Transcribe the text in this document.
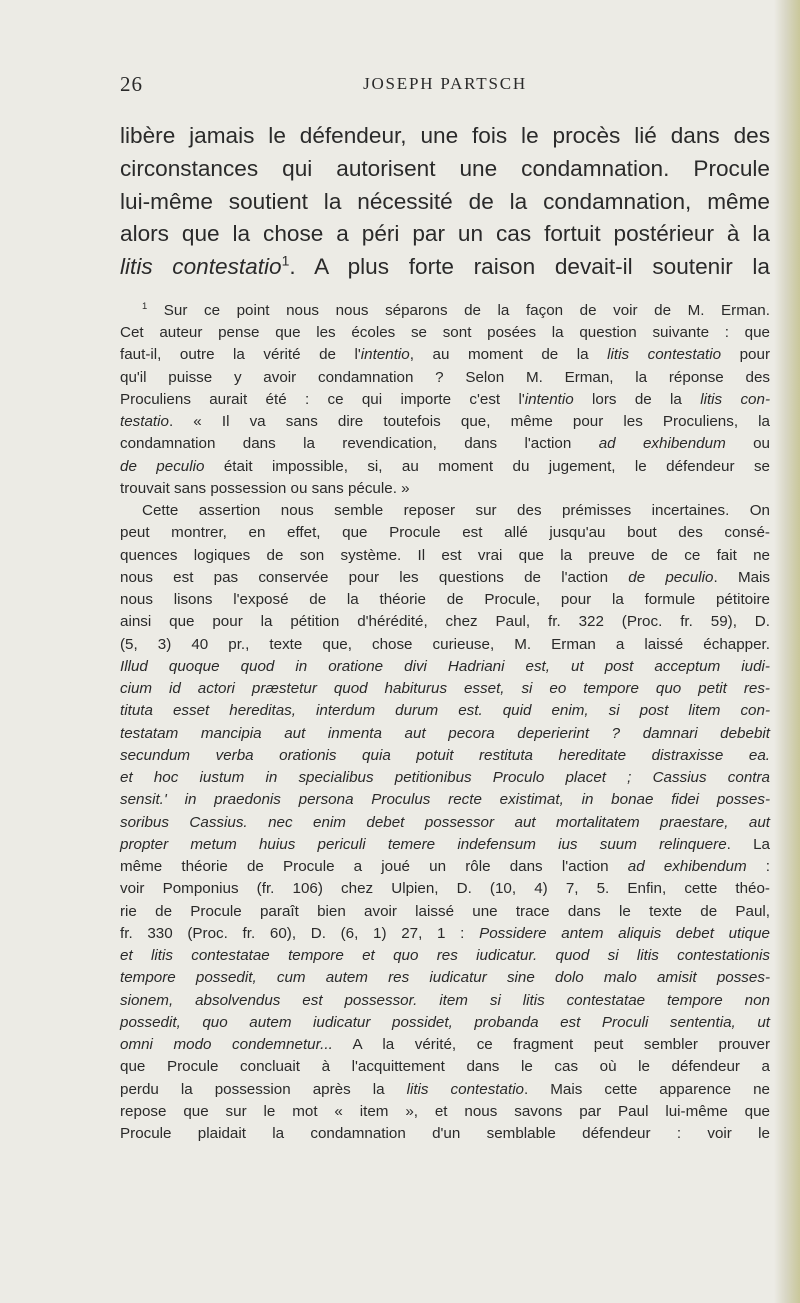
26	JOSEPH PARTSCH
libère jamais le défendeur, une fois le procès lié dans des
circonstances qui autorisent une condamnation. Procule
lui-même soutient la nécessité de la condamnation, même
alors que la chose a péri par un cas fortuit postérieur à la
litis contestatio$^1$. A plus forte raison devait-il soutenir la
$^1$ Sur ce point nous nous séparons de la façon de voir de M. Erman.
Cet auteur pense que les écoles se sont posées la question suivante : que
faut-il, outre la vérité de l'intentio, au moment de la litis contestatio pour
qu'il puisse y avoir condamnation ? Selon M. Erman, la réponse des
Proculiens aurait été : ce qui importe c'est l'intentio lors de la litis con-
testatio. « Il va sans dire toutefois que, même pour les Proculiens, la
condamnation dans la revendication, dans l'action ad exhibendum ou
de peculio était impossible, si, au moment du jugement, le défendeur se
trouvait sans possession ou sans pécule. »
Cette assertion nous semble reposer sur des prémisses incertaines. On
peut montrer, en effet, que Procule est allé jusqu'au bout des consé-
quences logiques de son système. Il est vrai que la preuve de ce fait ne
nous est pas conservée pour les questions de l'action de peculio. Mais
nous lisons l'exposé de la théorie de Procule, pour la formule pétitoire
ainsi que pour la pétition d'hérédité, chez Paul, fr. 322 (Proc. fr. 59), D.
(5, 3) 40 pr., texte que, chose curieuse, M. Erman a laissé échapper.
Illud quoque quod in oratione divi Hadriani est, ut post acceptum iudi-
cium id actori præstetur quod habiturus esset, si eo tempore quo petit res-
tituta esset hereditas, interdum durum est. quid enim, si post litem con-
testatam mancipia aut inmenta aut pecora deperierint ? damnari debebit
secundum verba orationis quia potuit restituta hereditate distraxisse ea.
et hoc iustum in specialibus petitionibus Proculo placet ; Cassius contra
sensit.' in praedonis persona Proculus recte existimat, in bonae fidei posses-
soribus Cassius. nec enim debet possessor aut mortalitatem praestare, aut
propter metum huius periculi temere indefensum ius suum relinquere. La
même théorie de Procule a joué un rôle dans l'action ad exhibendum :
voir Pomponius (fr. 106) chez Ulpien, D. (10, 4) 7, 5. Enfin, cette théo-
rie de Procule paraît bien avoir laissé une trace dans le texte de Paul,
fr. 330 (Proc. fr. 60), D. (6, 1) 27, 1 : Possidere antem aliquis debet utique
et litis contestatae tempore et quo res iudicatur. quod si litis contestationis
tempore possedit, cum autem res iudicatur sine dolo malo amisit posses-
sionem, absolvendus est possessor. item si litis contestatae tempore non
possedit, quo autem iudicatur possidet, probanda est Proculi sententia, ut
omni modo condemnetur... A la vérité, ce fragment peut sembler prouver
que Procule concluait à l'acquittement dans le cas où le défendeur a
perdu la possession après la litis contestatio. Mais cette apparence ne
repose que sur le mot « item », et nous savons par Paul lui-même que
Procule plaidait la condamnation d'un semblable défendeur : voir le
